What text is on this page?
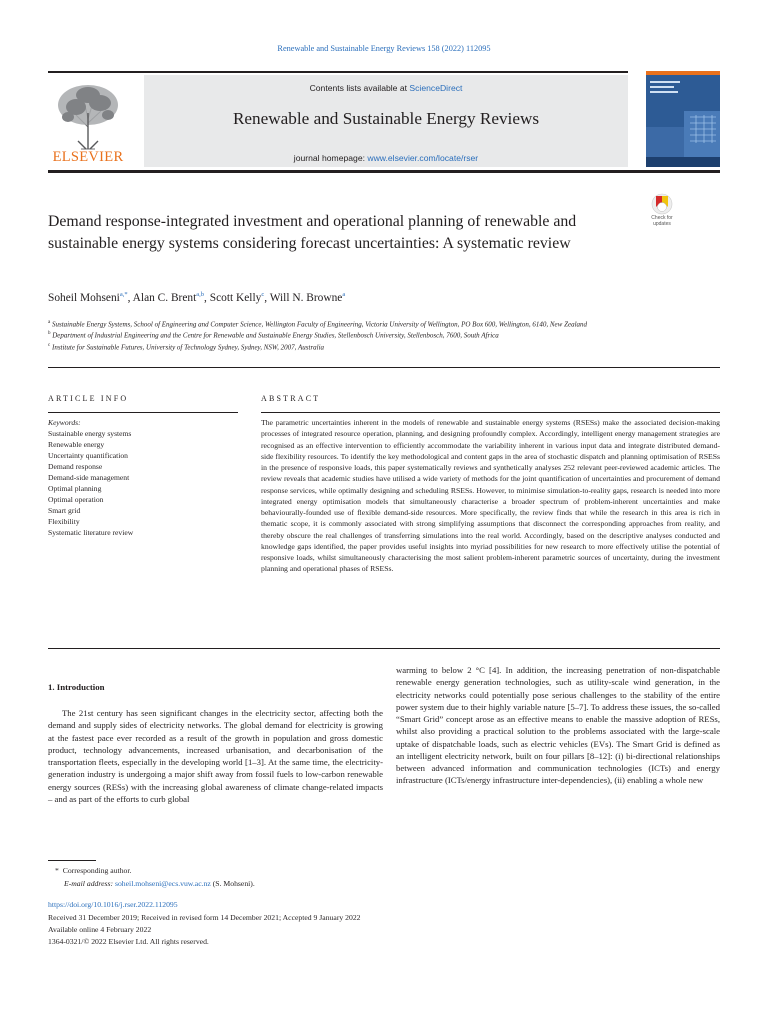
Renewable and Sustainable Energy Reviews 158 (2022) 112095
ELSEVIER
Contents lists available at ScienceDirect
Renewable and Sustainable Energy Reviews
journal homepage: www.elsevier.com/locate/rser
Check for
updates
Demand response-integrated investment and operational planning of renewable and sustainable energy systems considering forecast uncertainties: A systematic review
Soheil Mohseni$^{a,*}$, Alan C. Brent$^{a,b}$, Scott Kelly$^c$, Will N. Browne$^a$
$^a$ Sustainable Energy Systems, School of Engineering and Computer Science, Wellington Faculty of Engineering, Victoria University of Wellington, PO Box 600, Wellington, 6140, New Zealand
$^b$ Department of Industrial Engineering and the Centre for Renewable and Sustainable Energy Studies, Stellenbosch University, Stellenbosch, 7600, South Africa
$^c$ Institute for Sustainable Futures, University of Technology Sydney, Sydney, NSW, 2007, Australia
ARTICLE INFO
Keywords:
Sustainable energy systems
Renewable energy
Uncertainty quantification
Demand response
Demand-side management
Optimal planning
Optimal operation
Smart grid
Flexibility
Systematic literature review
ABSTRACT

The parametric uncertainties inherent in the models of renewable and sustainable energy systems (RSESs) make the associated decision-making processes of integrated resource operation, planning, and designing profoundly complex. Accordingly, intelligent energy management strategies are recognised as an effective intervention to efficiently accommodate the variability inherent in various input data and integrate distributed demand-side flexibility resources. To identify the key methodological and content gaps in the area of stochastic dispatch and planning optimisation of RSESs in the presence of responsive loads, this paper systematically reviews and synthetically analyses 252 relevant peer-reviewed academic articles. The review reveals that academic studies have utilised a wide variety of methods for the joint quantification of uncertainties and procurement of demand response services, while optimally designing and scheduling RSESs. However, to minimise simulation-to-reality gaps, research is needed into more integrated energy optimisation models that simultaneously characterise a broader spectrum of problem-inherent uncertainties and make behaviourally-founded use of flexible demand-side resources. More specifically, the review finds that while the research in this area is rich in thematic scope, it is commonly associated with strong simplifying assumptions that disconnect the corresponding approaches from reality, and thereby obscure the real challenges of transferring simulations into the real world. Accordingly, based on the descriptive analyses conducted and knowledge gaps identified, the paper provides useful insights into myriad possibilities for new research to more effectively utilise the potential of responsive loads, whilst simultaneously characterising the most salient problem-inherent parametric sources of uncertainty, during the investment planning and operational phases of RSESs.

1. Introduction

The 21st century has seen significant changes in the electricity sector, affecting both the demand and supply sides of electricity networks. The global demand for electricity is growing at the fastest pace ever recorded as a result of the growth in population and gross domestic product, technology advancements, increased urbanisation, and decarbonisation of the transportation fleets, especially in the developing world [1–3]. At the same time, the electricity-generation industry is undergoing a major shift away from fossil fuels to low-carbon renewable energy sources (RESs) with the increasing global awareness of climate change-related impacts – and as part of the efforts to curb global

warming to below 2 °C [4]. In addition, the increasing penetration of non-dispatchable renewable energy generation technologies, such as utility-scale wind generation, in the electricity networks could potentially pose serious challenges to the stability of the entire power system due to their highly variable nature [5–7]. To address these issues, the so-called “Smart Grid” concept arose as an effective means to enable the massive adoption of RESs, whilst also providing a practical solution to the problems associated with the large-scale uptake of dispatchable loads, such as electric vehicles (EVs). The Smart Grid is defined as an intelligent electricity network, built on four pillars [8–12]: (i) bi-directional relationships between advanced information and communication technologies (ICTs) and energy infrastructure (ICTs/energy infrastructure inter-dependencies), (ii) enabling a whole new

* Corresponding author.
E-mail address: soheil.mohseni@ecs.vuw.ac.nz (S. Mohseni).
https://doi.org/10.1016/j.rser.2022.112095
Received 31 December 2019; Received in revised form 14 December 2021; Accepted 9 January 2022
Available online 4 February 2022
1364-0321/© 2022 Elsevier Ltd. All rights reserved.
